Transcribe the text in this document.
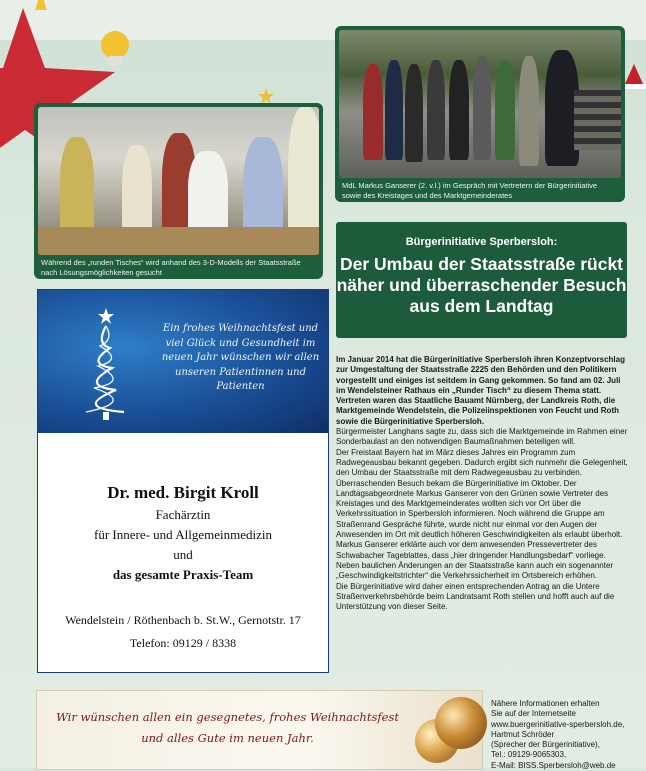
Während des „runden Tisches“ wird anhand des 3-D-Modells der Staatsstraße nach Lösungsmöglichkeiten gesucht
MdL Markus Ganserer (2. v.l.) im Gespräch mit Vertretern der Bürgerinitiative sowie des Kreistages und des Marktgemeinderates
Bürgerinitiative Sperbersloh:
Der Umbau der Staatsstraße rückt näher und überraschender Besuch aus dem Landtag

Im Januar 2014 hat die Bürgerinitiative Sperbersloh ihren Konzeptvorschlag zur Umgestaltung der Staatsstraße 2225 den Behörden und den Politikern vorgestellt und einiges ist seitdem in Gang gekommen. So fand am 02. Juli im Wendelsteiner Rathaus ein „Runder Tisch“ zu diesem Thema statt. Vertreten waren das Staatliche Bauamt Nürnberg, der Landkreis Roth, die Marktgemeinde Wendelstein, die Polizeiinspektionen von Feucht und Roth sowie die Bürgerinitiative Sperbersloh.

Bürgermeister Langhans sagte zu, dass sich die Marktgemeinde im Rahmen einer Sonderbaulast an den notwendigen Baumaßnahmen beteiligen will.

Der Freistaat Bayern hat im März dieses Jahres ein Programm zum Radwegeausbau bekannt gegeben. Dadurch ergibt sich nunmehr die Gelegenheit, den Umbau der Staatsstraße mit dem Radwegeausbau zu verbinden.

Überraschenden Besuch bekam die Bürgerinitiative im Oktober. Der Landtagsabgeordnete Markus Ganserer von den Grünen sowie Vertreter des Kreistages und des Marktgemeinderates wollten sich vor Ort über die Verkehrssituation in Sperbersloh informieren. Noch während die Gruppe am Straßenrand Gespräche führte, wurde nicht nur einmal vor den Augen der Anwesenden im Ort mit deutlich höheren Geschwindigkeiten als erlaubt überholt.

Markus Ganserer erklärte auch vor dem anwesenden Pressevertreter des Schwabacher Tageblattes, dass „hier dringender Handlungsbedarf“ vorliege. Neben baulichen Änderungen an der Staatsstraße kann auch ein sogenannter „Geschwindigkeitstrichter“ die Verkehrssicherheit im Ortsbereich erhöhen.

Die Bürgerinitiative wird daher einen entsprechenden Antrag an die Untere Straßenverkehrsbehörde beim Landratsamt Roth stellen und hofft auch auf die Unterstützung von dieser Seite.

Ein frohes Weihnachtsfest und viel Glück und Gesundheit im neuen Jahr wünschen wir allen unseren Patientinnen und Patienten
Dr. med. Birgit Kroll
Fachärztin
für Innere- und Allgemeinmedizin
und
das gesamte Praxis-Team
Wendelstein / Röthenbach b. St.W., Gernotstr. 17
Telefon: 09129 / 8338
Wir wünschen allen ein gesegnetes, frohes Weihnachtsfest und alles Gute im neuen Jahr.
Nähere Informationen erhalten
Sie auf der Internetseite
www.buergerinitiative-sperbersloh.de,
Hartmut Schröder
(Sprecher der Bürgerinitiative),
Tel.: 09129-9065303,
E-Mail: BISS.Sperbersloh@web.de
